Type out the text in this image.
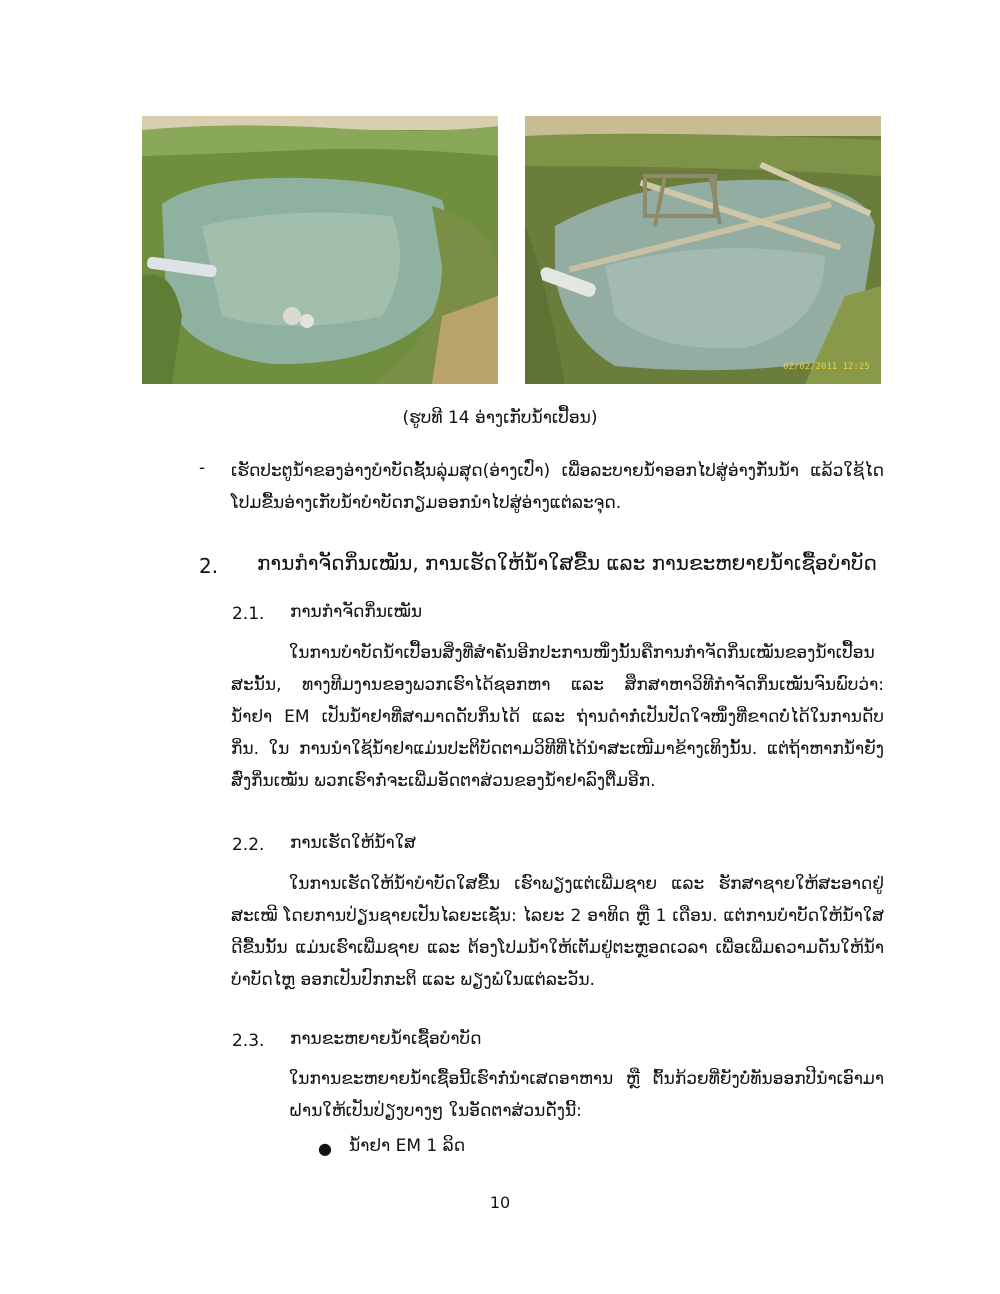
02/02/2011 12:25
(ຮູບທີ 14 ອ່າງເກັບນ້ຳເປື້ອນ)
- ເຮັດປະຕູນ້ຳຂອງອ່າງບຳບັດຊັ້ນລຸ່ມສຸດ(ອ່າງເປົ່າ) ເພື່ອລະບາຍນ້ຳອອກໄປສູ່ອ່າງກັ່ນນ້ຳ ແລ້ວໃຊ້ໄດ ໂປມຂື້ນອ່າງເກັບນ້ຳບຳບັດກຽມອອກນຳໄປສູ່ອ່າງແຕ່ລະຈຸດ.
2. ການກຳຈັດກິ່ນເໝັນ, ການເຮັດໃຫ້ນ້ຳໃສຂື້ນ ແລະ ການຂະຫຍາຍນ້ຳເຊື້ອບຳບັດ
2.1. ການກຳຈັດກິ່ນເໝັນ
ໃນການບຳບັດນ້ຳເປື້ອນສິ່ງທີ່ສຳຄັນອີກປະການໜຶ່ງນັ້ນຄືການກຳຈັດກິ່ນເໝັນຂອງນ້ຳເປື້ອນ ສະນັ້ນ, ທາງທີມງານຂອງພວກເຮົາໄດ້ຊອກຫາ ແລະ ສຶກສາຫາວິທີກຳຈັດກິ່ນເໝັນຈົນພົບວ່າ: ນ້ຳຢາ EM ເປັນນ້ຳຢາທີ່ສາມາດດັບກິ່ນໄດ້ ແລະ ຖ່ານດຳກໍ່ເປັນປັດໃຈໜຶ່ງທີ່ຂາດບໍ່ໄດ້ໃນການດັບກິ່ນ. ໃນ ການນຳໃຊ້ນ້ຳຢາແມ່ນປະຕິບັດຕາມວິທີທີ່ໄດ້ນຳສະເໜີມາຂ້າງເທິງນັ້ນ. ແຕ່ຖ້າຫາກນ້ຳຍັງສົ່ງກິ່ນເໝັນ ພວກເຮົາກໍ່ຈະເພີ່ມອັດຕາສ່ວນຂອງນ້ຳຢາລົງຕື່ມອີກ.
2.2. ການເຮັດໃຫ້ນ້ຳໃສ
ໃນການເຮັດໃຫ້ນ້ຳບຳບັດໃສຂື້ນ ເຮົາພຽງແຕ່ເພີ່ມຊາຍ ແລະ ຮັກສາຊາຍໃຫ້ສະອາດຢູ່ສະເໝີ ໂດຍການປ່ຽນຊາຍເປັນໄລຍະເຊັ່ນ: ໄລຍະ 2 ອາທິດ ຫຼື 1 ເດືອນ. ແຕ່ການບຳບັດໃຫ້ນ້ຳໃສດີຂື້ນນັ້ນ ແມ່ນເຮົາເພີ່ມຊາຍ ແລະ ຕ້ອງໂປມນ້ຳໃຫ້ເຕັມຢູ່ຕະຫຼອດເວລາ ເພື່ອເພີ່ມຄວາມດັນໃຫ້ນ້ຳບຳບັດໄຫຼ ອອກເປັນປົກກະຕິ ແລະ ພຽງພໍໃນແຕ່ລະວັນ.
2.3. ການຂະຫຍາຍນ້ຳເຊື້ອບຳບັດ
ໃນການຂະຫຍາຍນ້ຳເຊື້ອນີ້ເຮົາກໍ່ນຳເສດອາຫານ ຫຼື ຕົ້ນກ້ວຍທີ່ຍັງບໍ່ທັນອອກປີນຳເອົາມາ ຝານໃຫ້ເປັນປ່ຽງບາງໆ ໃນອັດຕາສ່ວນດັ່ງນີ້:
● ນ້ຳຢາ EM 1 ລິດ
10
